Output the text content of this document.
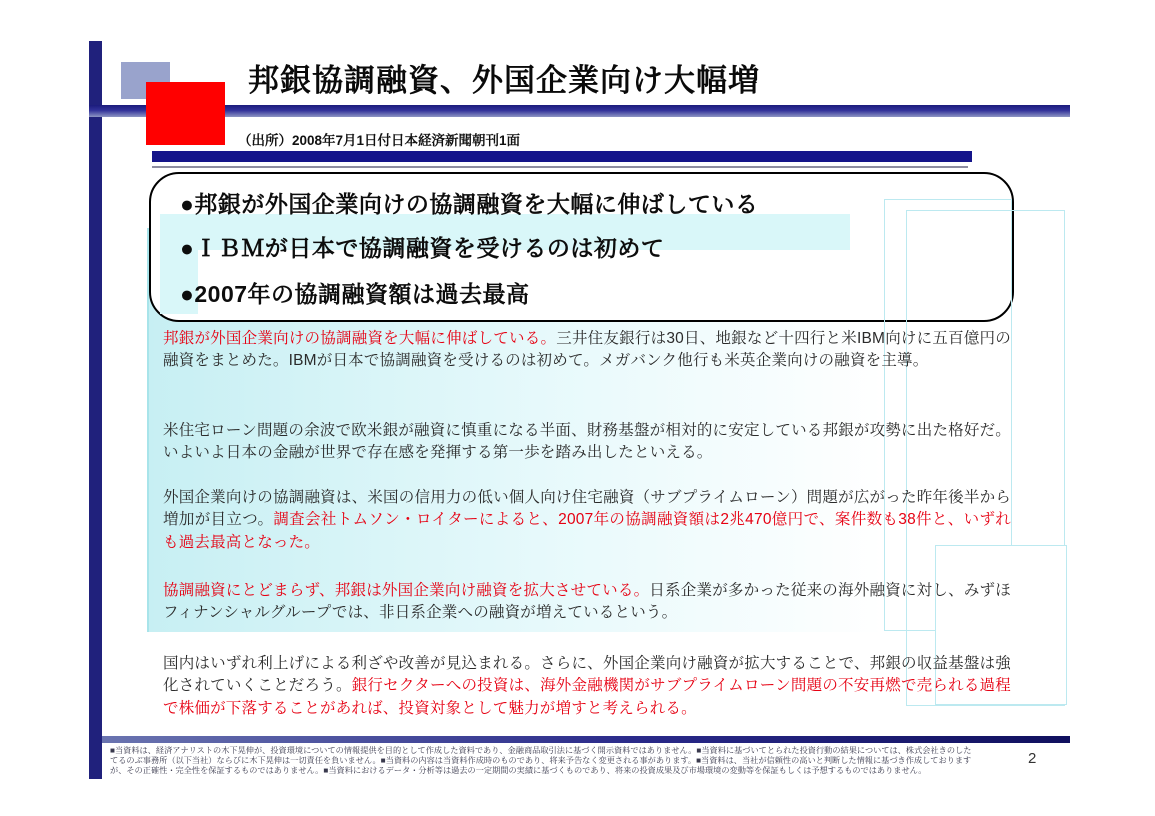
邦銀協調融資、外国企業向け大幅増
（出所）2008年7月1日付日本経済新聞朝刊1面
●邦銀が外国企業向けの協調融資を大幅に伸ばしている
●ＩＢＭが日本で協調融資を受けるのは初めて
●2007年の協調融資額は過去最高
邦銀が外国企業向けの協調融資を大幅に伸ばしている。三井住友銀行は30日、地銀など十四行と米IBM向けに五百億円の融資をまとめた。IBMが日本で協調融資を受けるのは初めて。メガバンク他行も米英企業向けの融資を主導。
米住宅ローン問題の余波で欧米銀が融資に慎重になる半面、財務基盤が相対的に安定している邦銀が攻勢に出た格好だ。いよいよ日本の金融が世界で存在感を発揮する第一歩を踏み出したといえる。
外国企業向けの協調融資は、米国の信用力の低い個人向け住宅融資（サブプライムローン）問題が広がった昨年後半から増加が目立つ。調査会社トムソン・ロイターによると、2007年の協調融資額は2兆470億円で、案件数も38件と、いずれも過去最高となった。
協調融資にとどまらず、邦銀は外国企業向け融資を拡大させている。日系企業が多かった従来の海外融資に対し、みずほフィナンシャルグループでは、非日系企業への融資が増えているという。
国内はいずれ利上げによる利ざや改善が見込まれる。さらに、外国企業向け融資が拡大することで、邦銀の収益基盤は強化されていくことだろう。銀行セクターへの投資は、海外金融機関がサブプライムローン問題の不安再燃で売られる過程で株価が下落することがあれば、投資対象として魅力が増すと考えられる。
■当資料は、経済アナリストの木下晃伸が、投資環境についての情報提供を目的として作成した資料であり、金融商品取引法に基づく開示資料ではありません。■当資料に基づいてとられた投資行動の結果については、株式会社きのした
てるのぶ事務所（以下当社）ならびに木下晃伸は一切責任を負いません。■当資料の内容は当資料作成時のものであり、将来予告なく変更される事があります。■当資料は、当社が信頼性の高いと判断した情報に基づき作成しております
が、その正確性・完全性を保証するものではありません。■当資料におけるデータ・分析等は過去の一定期間の実績に基づくものであり、将来の投資成果及び市場環境の変動等を保証もしくは予想するものではありません。
2
